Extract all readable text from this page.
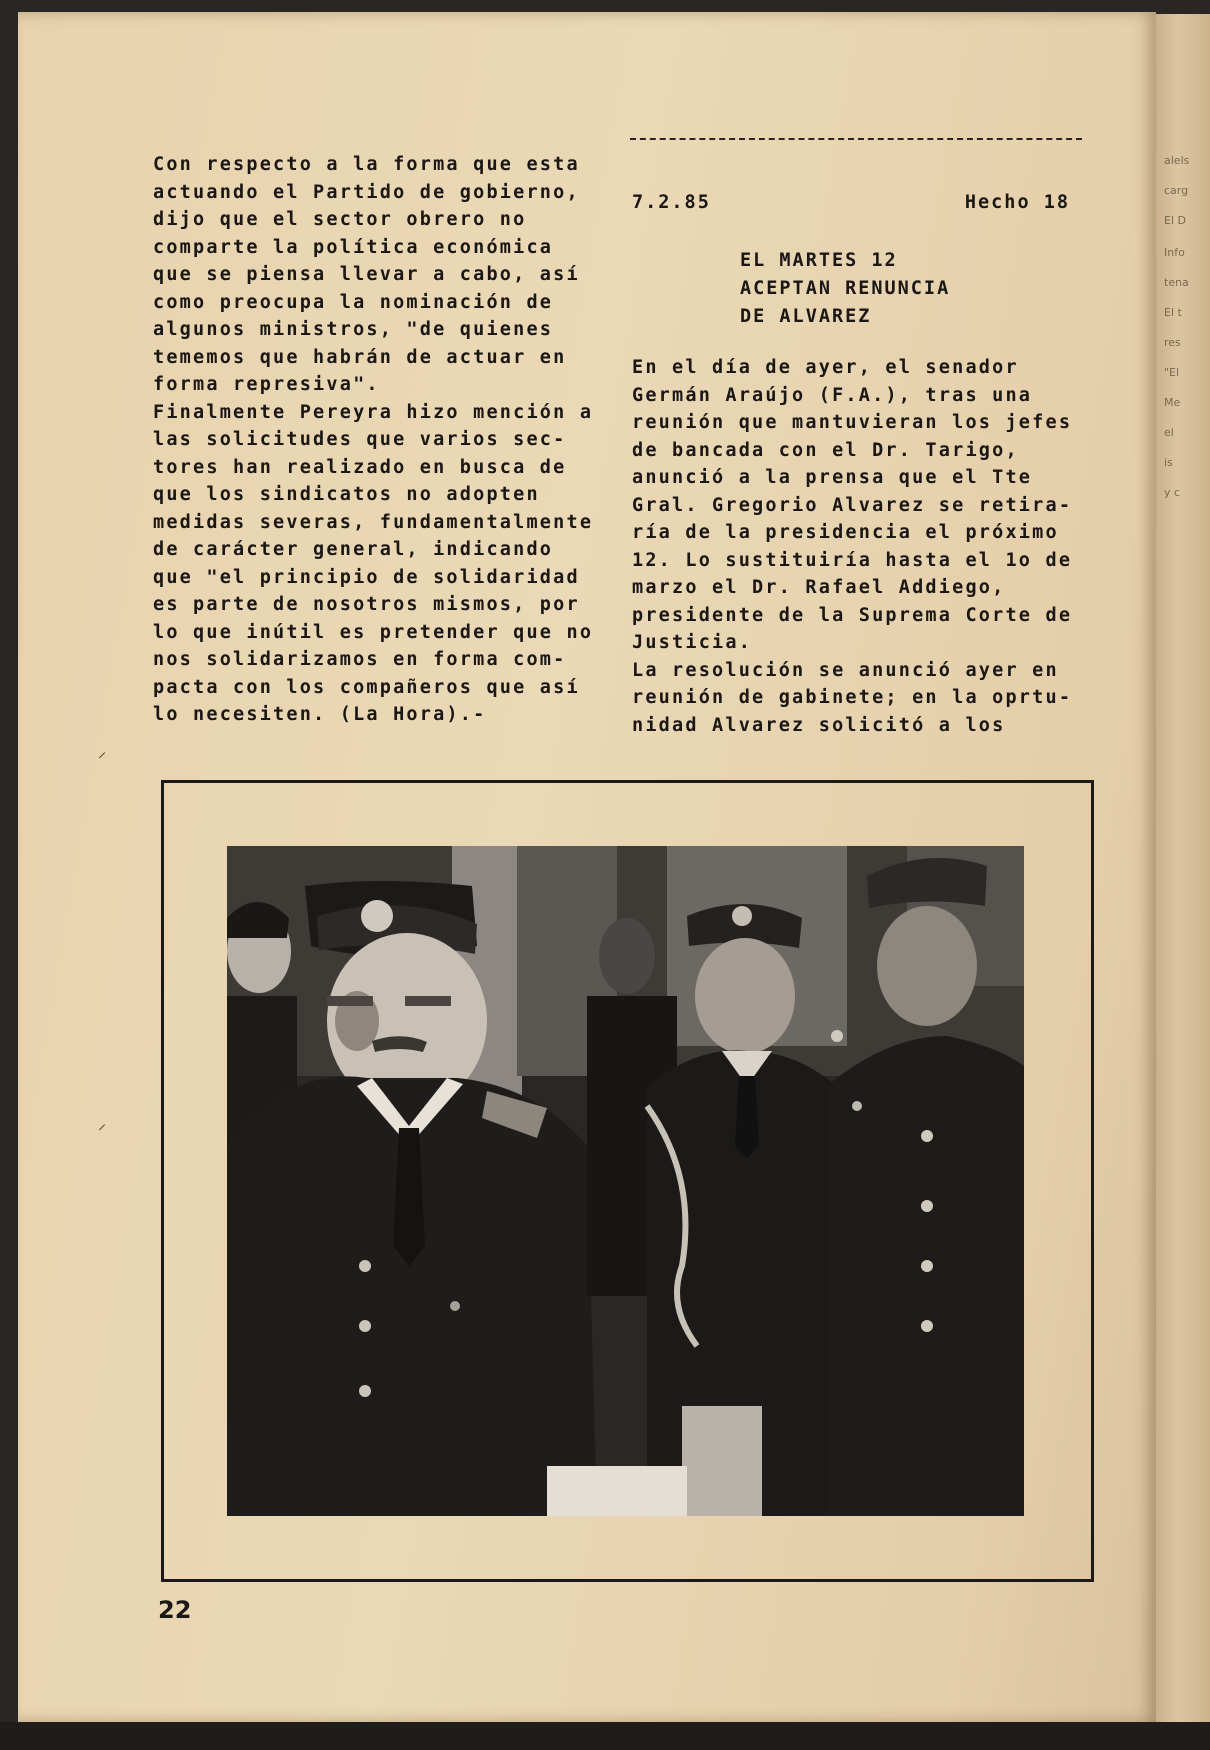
alels
carg
El D
Info
tena
El t
res
"El
Me
el
is
y c

Con respecto a la forma que esta

actuando el Partido de gobierno,

dijo que el sector obrero no

comparte la política económica

que se piensa llevar a cabo, así

como preocupa la nominación de

algunos ministros, "de quienes

tememos que habrán de actuar en

forma represiva".

Finalmente Pereyra hizo mención a

las solicitudes que varios sec-

tores han realizado en busca de

que los sindicatos no adopten

medidas severas, fundamentalmente

de carácter general, indicando

que "el principio de solidaridad

es parte de nosotros mismos, por

lo que inútil es pretender que no

nos solidarizamos en forma com-

pacta con los compañeros que así

lo necesiten. (La Hora).-

7.2.85	Hecho 18
EL MARTES 12
ACEPTAN RENUNCIA
DE ALVAREZ

En el día de ayer, el senador

Germán Araújo (F.A.), tras una

reunión que mantuvieran los jefes

de bancada con el Dr. Tarigo,

anunció a la prensa que el Tte

Gral. Gregorio Alvarez se retira-

ría de la presidencia el próximo

12. Lo sustituiría hasta el 1o de

marzo el Dr. Rafael Addiego,

presidente de la Suprema Corte de

Justicia.

La resolución se anunció ayer en

reunión de gabinete; en la oprtu-

nidad Alvarez solicitó a los

⸝
⸝
22
